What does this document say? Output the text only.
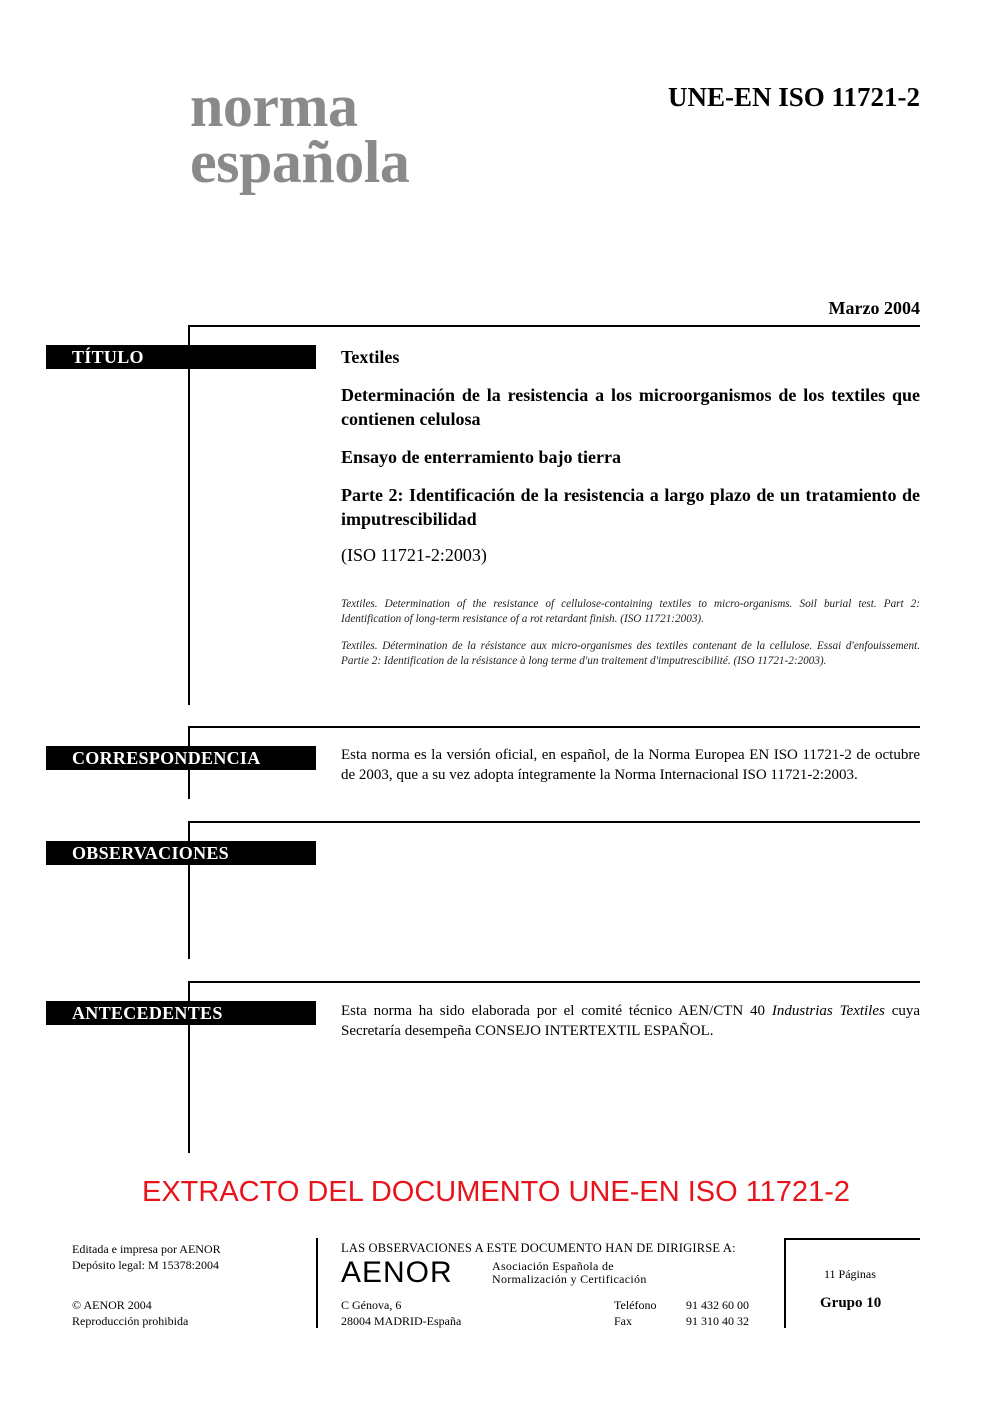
norma
española
UNE-EN ISO 11721-2
Marzo 2004
TÍTULO
CORRESPONDENCIA
OBSERVACIONES
ANTECEDENTES
Textiles
Determinación de la resistencia a los microorganismos de los textiles que contienen celulosa
Ensayo de enterramiento bajo tierra
Parte 2: Identificación de la resistencia a largo plazo de un tratamiento de imputrescibilidad
(ISO 11721-2:2003)
Textiles. Determination of the resistance of cellulose-containing textiles to micro-organisms. Soil burial test. Part 2: Identification of long-term resistance of a rot retardant finish. (ISO 11721:2003).
Textiles. Détermination de la résistance aux micro-organismes des textiles contenant de la cellulose. Essai d'enfouissement. Partie 2: Identification de la résistance à long terme d'un traitement d'imputrescibilité. (ISO 11721-2:2003).
Esta norma es la versión oficial, en español, de la Norma Europea EN ISO 11721-2 de octubre de 2003, que a su vez adopta íntegramente la Norma Internacional ISO 11721-2:2003.
Esta norma ha sido elaborada por el comité técnico AEN/CTN 40 Industrias Textiles cuya Secretaría desempeña CONSEJO INTERTEXTIL ESPAÑOL.
EXTRACTO DEL DOCUMENTO UNE-EN ISO 11721-2
Editada e impresa por AENOR
Depósito legal: M 15378:2004
© AENOR 2004
Reproducción prohibida
LAS OBSERVACIONES A ESTE DOCUMENTO HAN DE DIRIGIRSE A:
AENOR	Asociación Española de
Normalización y Certificación
C Génova, 6
28004 MADRID-España
Teléfono
Fax
91 432 60 00
91 310 40 32
11 Páginas
Grupo 10
